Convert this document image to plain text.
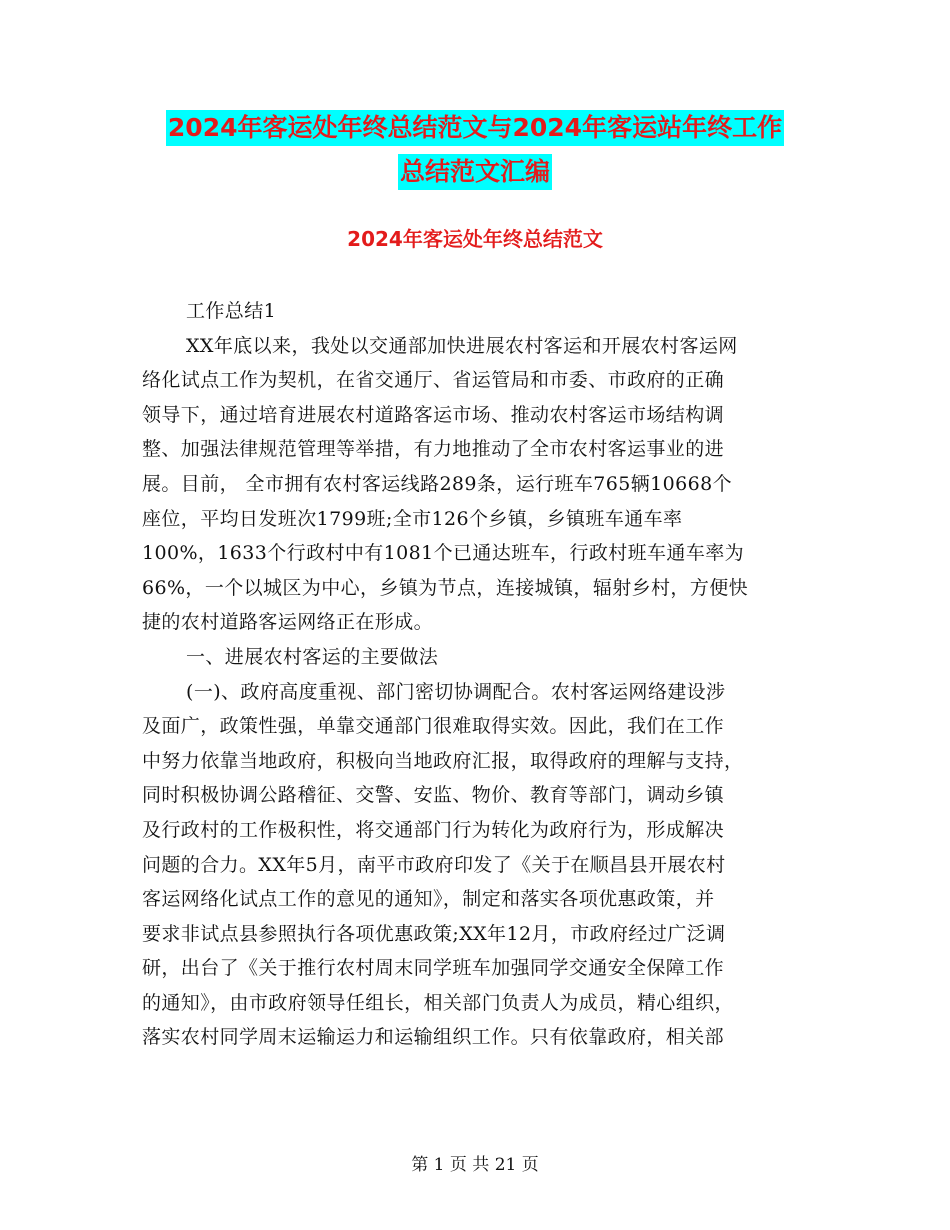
2024年客运处年终总结范文与2024年客运站年终工作
总结范文汇编
2024年客运处年终总结范文
工作总结1
XX年底以来，我处以交通部加快进展农村客运和开展农村客运网
络化试点工作为契机，在省交通厅、省运管局和市委、市政府的正确
领导下，通过培育进展农村道路客运市场、推动农村客运市场结构调
整、加强法律规范管理等举措，有力地推动了全市农村客运事业的进
展。目前， 全市拥有农村客运线路289条，运行班车765辆10668个
座位，平均日发班次1799班;全市126个乡镇，乡镇班车通车率
100%，1633个行政村中有1081个已通达班车，行政村班车通车率为
66%，一个以城区为中心，乡镇为节点，连接城镇，辐射乡村，方便快
捷的农村道路客运网络正在形成。
一、进展农村客运的主要做法
(一)、政府高度重视、部门密切协调配合。农村客运网络建设涉
及面广，政策性强，单靠交通部门很难取得实效。因此，我们在工作
中努力依靠当地政府，积极向当地政府汇报，取得政府的理解与支持，
同时积极协调公路稽征、交警、安监、物价、教育等部门，调动乡镇
及行政村的工作极积性，将交通部门行为转化为政府行为，形成解决
问题的合力。XX年5月，南平市政府印发了《关于在顺昌县开展农村
客运网络化试点工作的意见的通知》，制定和落实各项优惠政策，并
要求非试点县参照执行各项优惠政策;XX年12月，市政府经过广泛调
研，出台了《关于推行农村周末同学班车加强同学交通安全保障工作
的通知》，由市政府领导任组长，相关部门负责人为成员，精心组织，
落实农村同学周末运输运力和运输组织工作。只有依靠政府，相关部
第 1 页 共 21 页
